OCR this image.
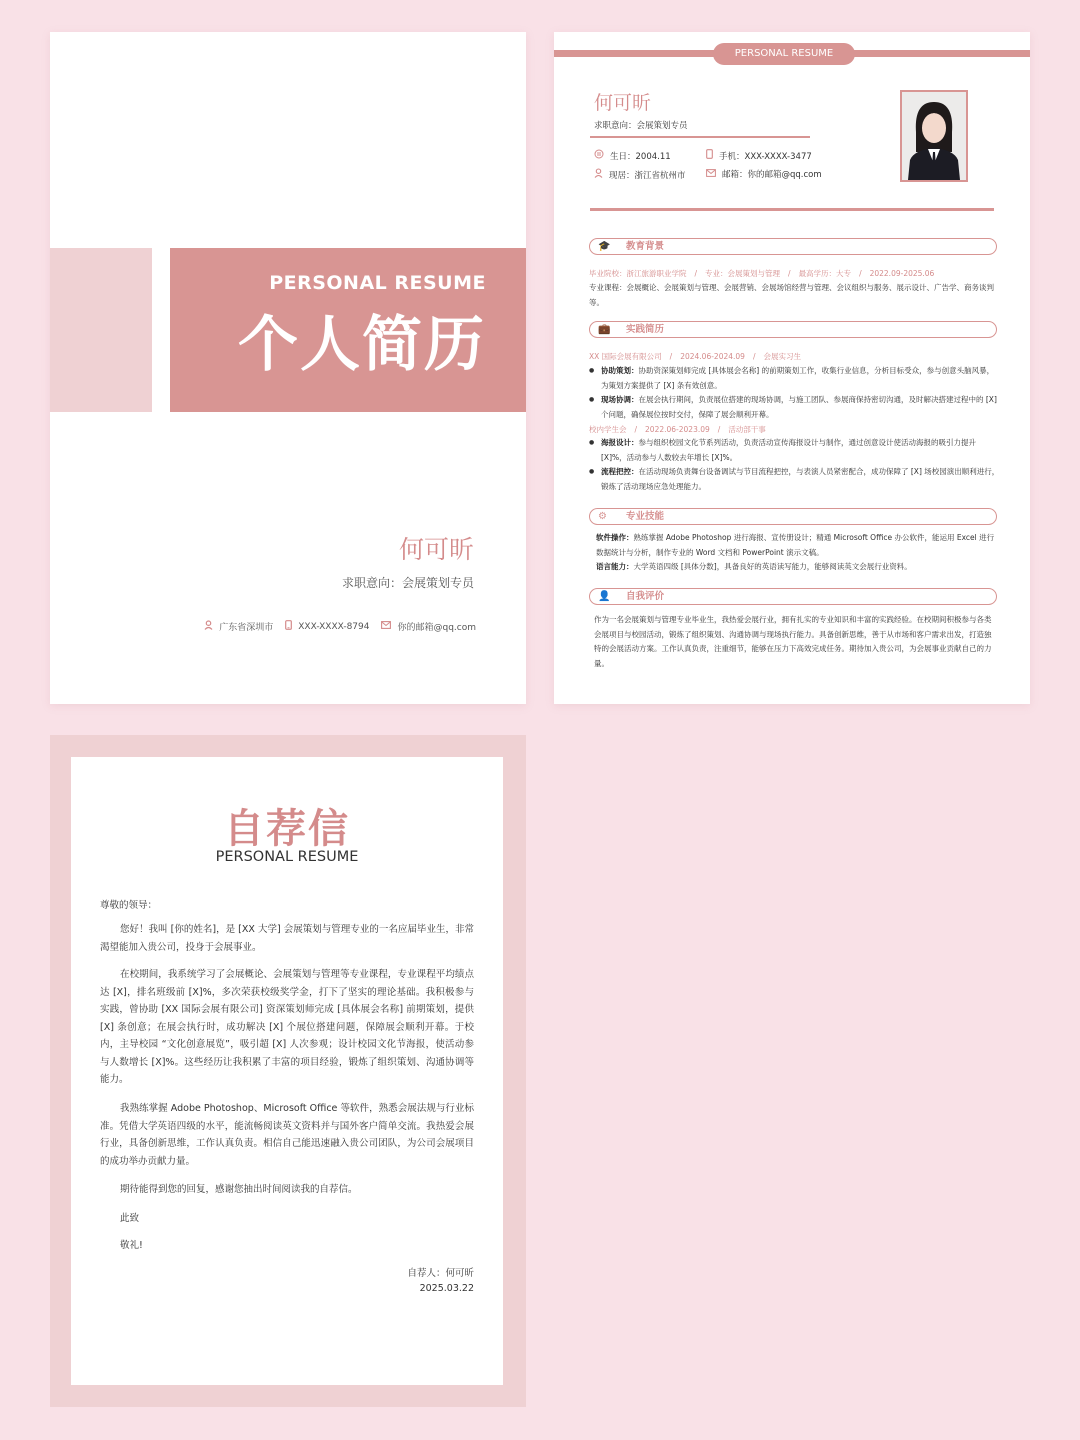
PERSONAL RESUME
个人简历
何可昕
求职意向：会展策划专员
广东省深圳市	XXX-XXXX-8794	你的邮箱@qq.com
PERSONAL RESUME
何可昕
求职意向：会展策划专员
生日：2004.11	手机：XXX-XXXX-3477
现居：浙江省杭州市	邮箱：你的邮箱@qq.com
🎓 教育背景
毕业院校：浙江旅游职业学院 / 专业：会展策划与管理 / 最高学历：大专 / 2022.09-2025.06
专业课程：会展概论、会展策划与管理、会展营销、会展场馆经营与管理、会议组织与服务、展示设计、广告学、商务谈判等。
💼 实践简历
XX 国际会展有限公司 / 2024.06-2024.09 / 会展实习生
● 协助策划：协助资深策划师完成 [具体展会名称] 的前期策划工作，收集行业信息，分析目标受众，参与创意头脑风暴，为策划方案提供了 [X] 条有效创意。
● 现场协调：在展会执行期间，负责展位搭建的现场协调，与施工团队、参展商保持密切沟通，及时解决搭建过程中的 [X] 个问题，确保展位按时交付，保障了展会顺利开幕。
校内学生会 / 2022.06-2023.09 / 活动部干事
● 海报设计：参与组织校园文化节系列活动，负责活动宣传海报设计与制作，通过创意设计使活动海报的吸引力提升 [X]%，活动参与人数较去年增长 [X]%。
● 流程把控：在活动现场负责舞台设备调试与节目流程把控，与表演人员紧密配合，成功保障了 [X] 场校园演出顺利进行，锻炼了活动现场应急处理能力。
⚙ 专业技能
软件操作：熟练掌握 Adobe Photoshop 进行海报、宣传册设计；精通 Microsoft Office 办公软件，能运用 Excel 进行数据统计与分析，制作专业的 Word 文档和 PowerPoint 演示文稿。
语言能力：大学英语四级 [具体分数]，具备良好的英语读写能力，能够阅读英文会展行业资料。
👤 自我评价
作为一名会展策划与管理专业毕业生，我热爱会展行业，拥有扎实的专业知识和丰富的实践经验。在校期间积极参与各类会展项目与校园活动，锻炼了组织策划、沟通协调与现场执行能力。具备创新思维，善于从市场和客户需求出发，打造独特的会展活动方案。工作认真负责，注重细节，能够在压力下高效完成任务。期待加入贵公司，为会展事业贡献自己的力量。
自荐信
PERSONAL RESUME
尊敬的领导：
您好！我叫 [你的姓名]，是 [XX 大学] 会展策划与管理专业的一名应届毕业生，非常渴望能加入贵公司，投身于会展事业。
在校期间，我系统学习了会展概论、会展策划与管理等专业课程，专业课程平均绩点达 [X]，排名班级前 [X]%，多次荣获校级奖学金，打下了坚实的理论基础。我积极参与实践，曾协助 [XX 国际会展有限公司] 资深策划师完成 [具体展会名称] 前期策划，提供 [X] 条创意；在展会执行时，成功解决 [X] 个展位搭建问题，保障展会顺利开幕。于校内，主导校园 “文化创意展览”，吸引超 [X] 人次参观；设计校园文化节海报，使活动参与人数增长 [X]%。这些经历让我积累了丰富的项目经验，锻炼了组织策划、沟通协调等能力。
我熟练掌握 Adobe Photoshop、Microsoft Office 等软件，熟悉会展法规与行业标准。凭借大学英语四级的水平，能流畅阅读英文资料并与国外客户简单交流。我热爱会展行业，具备创新思维，工作认真负责。相信自己能迅速融入贵公司团队，为公司会展项目的成功举办贡献力量。
期待能得到您的回复，感谢您抽出时间阅读我的自荐信。
此致
敬礼!
自荐人：何可昕
2025.03.22
